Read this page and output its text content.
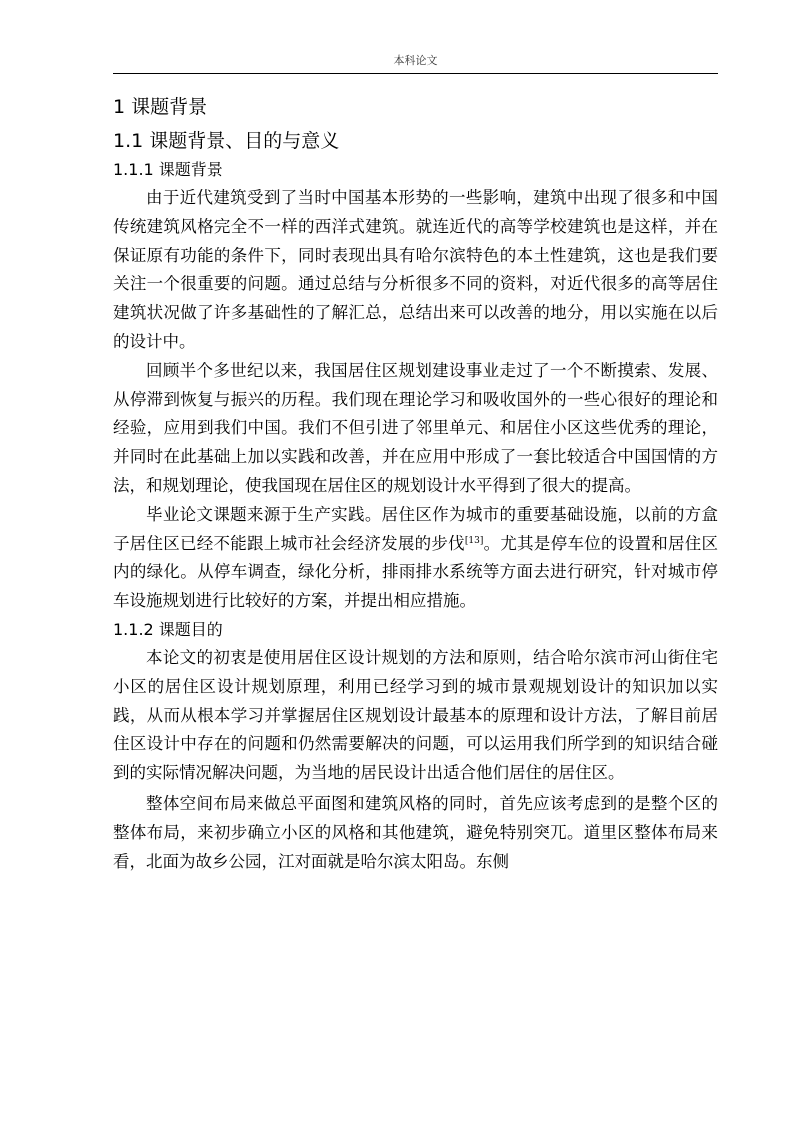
本科论文
1 课题背景
1.1 课题背景、目的与意义
1.1.1 课题背景

由于近代建筑受到了当时中国基本形势的一些影响，建筑中出现了很多和中国传统建筑风格完全不一样的西洋式建筑。就连近代的高等学校建筑也是这样，并在保证原有功能的条件下，同时表现出具有哈尔滨特色的本土性建筑，这也是我们要关注一个很重要的问题。通过总结与分析很多不同的资料，对近代很多的高等居住建筑状况做了许多基础性的了解汇总，总结出来可以改善的地分，用以实施在以后的设计中。

回顾半个多世纪以来，我国居住区规划建设事业走过了一个不断摸索、发展、从停滞到恢复与振兴的历程。我们现在理论学习和吸收国外的一些心很好的理论和经验，应用到我们中国。我们不但引进了邻里单元、和居住小区这些优秀的理论，并同时在此基础上加以实践和改善，并在应用中形成了一套比较适合中国国情的方法，和规划理论，使我国现在居住区的规划设计水平得到了很大的提高。

毕业论文课题来源于生产实践。居住区作为城市的重要基础设施，以前的方盒子居住区已经不能跟上城市社会经济发展的步伐[13]。尤其是停车位的设置和居住区内的绿化。从停车调查，绿化分析，排雨排水系统等方面去进行研究，针对城市停车设施规划进行比较好的方案，并提出相应措施。

1.1.2 课题目的

本论文的初衷是使用居住区设计规划的方法和原则，结合哈尔滨市河山街住宅小区的居住区设计规划原理，利用已经学习到的城市景观规划设计的知识加以实践，从而从根本学习并掌握居住区规划设计最基本的原理和设计方法，了解目前居住区设计中存在的问题和仍然需要解决的问题，可以运用我们所学到的知识结合碰到的实际情况解决问题，为当地的居民设计出适合他们居住的居住区。

整体空间布局来做总平面图和建筑风格的同时，首先应该考虑到的是整个区的整体布局，来初步确立小区的风格和其他建筑，避免特别突兀。道里区整体布局来看，北面为故乡公园，江对面就是哈尔滨太阳岛。东侧
